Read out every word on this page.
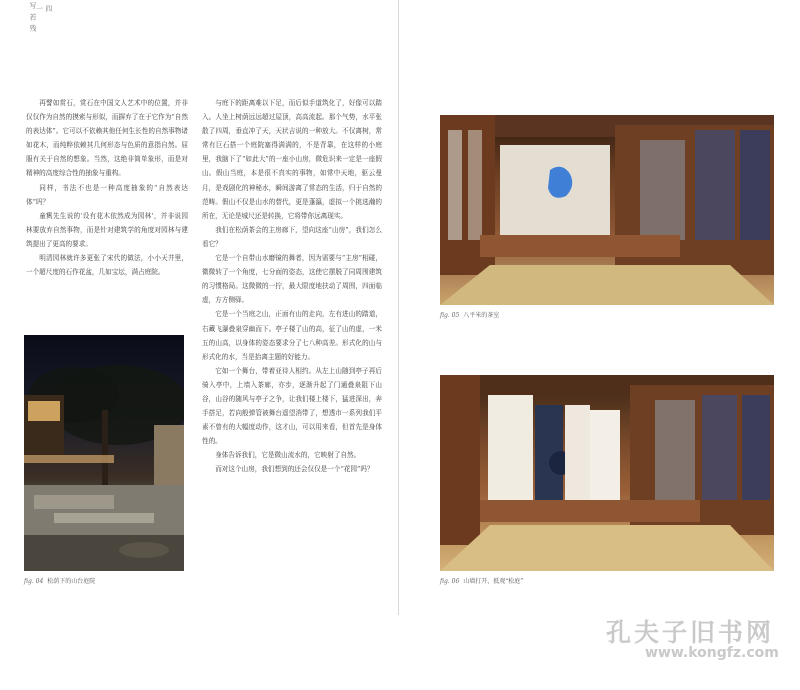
写 若 残 一 四

再譬如赏石，赏石在中国文人艺术中的位置，并非仅仅作为自然的摸索与形似，而摒弃了在于它作为“自然的表达体”。它可以不依赖其他任何生长性的自然事物诸如花木，而纯粹依赖其几何形态与色质的意指自然。屈服有关于自然的想象。当然，这绝非简单象形，而是对精神的高度综合性的抽象与重构。

同样，书法不也是一种高度抽象的“自然表达体”吗？

童寯先生说的‘设有花木依然成为园林’，并非说园林要放弃自然事物，而是针对建筑学的角度对园林与建筑提出了更高的要求。

明清园林就许多更张了宋代的做法，小小天井里，一个超尺度的石作花盆，几如宝坛，满占庭院。

与庭下的距离难以下足，而后似手道筑化了，好像可以踏入。人坐上树荫远远超过屋顶，高高流起。那个气势，水平张散了四周，垂直冲了天，天状吉说的一种放大。不仅离树，常常有巨石搭一个庭院塞得满满的，不是背靠，在这样的小庭里，我脑下了“如此大”的一座小山房，微危识来一定是一座假山。假山当庭，本是很不真实的事物，如常中天地，驱云曼月，是戏剧化的神秘水，瞬间游离了常态的生活，归于自然的范畴。假山不仅是山水的替代，更是蓬瀛，虚拟一个挑选瀚的所在，无论是城尺还是转换，它将带你远离现实。

我们在松荫茶会的主房廊下，望向这座“山房”，我们怎么看它？

它是一个自带山水磨镜的舞者，因为需要与“主房”相碰，微微转了一个角度，七分面的姿态，这使它摆脱了同周围建筑的习惯格局。这微微的一拧，最大限度地扶动了周围，四面临虚，方方侧驿。

它是一个当庭之山，正面有山的走向，左有进山的踏道，右藏飞瀑叠泉穿幽而下。亭子楼了山的高，征了山的虚，一米五的山高，以身体的姿态要求分了七八种高差。形式化的山与形式化的水，当是抬离主题的好能力。

它如一个舞台，带着亚待人相约。从左上山随到亭子再后骑入亭中，上墙入茶廊，亦步，逐渐升起了门通叠泉阻下山谷，山谷的随风与亭子之争，让我们楼上楼下，猛进深出，奔手搭足，若向般弹管被舞台遥望消带了，想透市一系列我们平素不曾有的大幅度动作，这才山，可以用来看，但首先是身体性的。

身体告诉我们，它是微山流水的，它映射了自然。

而对这个山房，我们想到的还会仅仅是一个“花园”吗？

fig. 04 松荫下的山台庭院
fig. 05 八平米的茶室
fig. 06 山墙打开，抵观“松庭”
孔夫子旧书网
www.kongfz.com
